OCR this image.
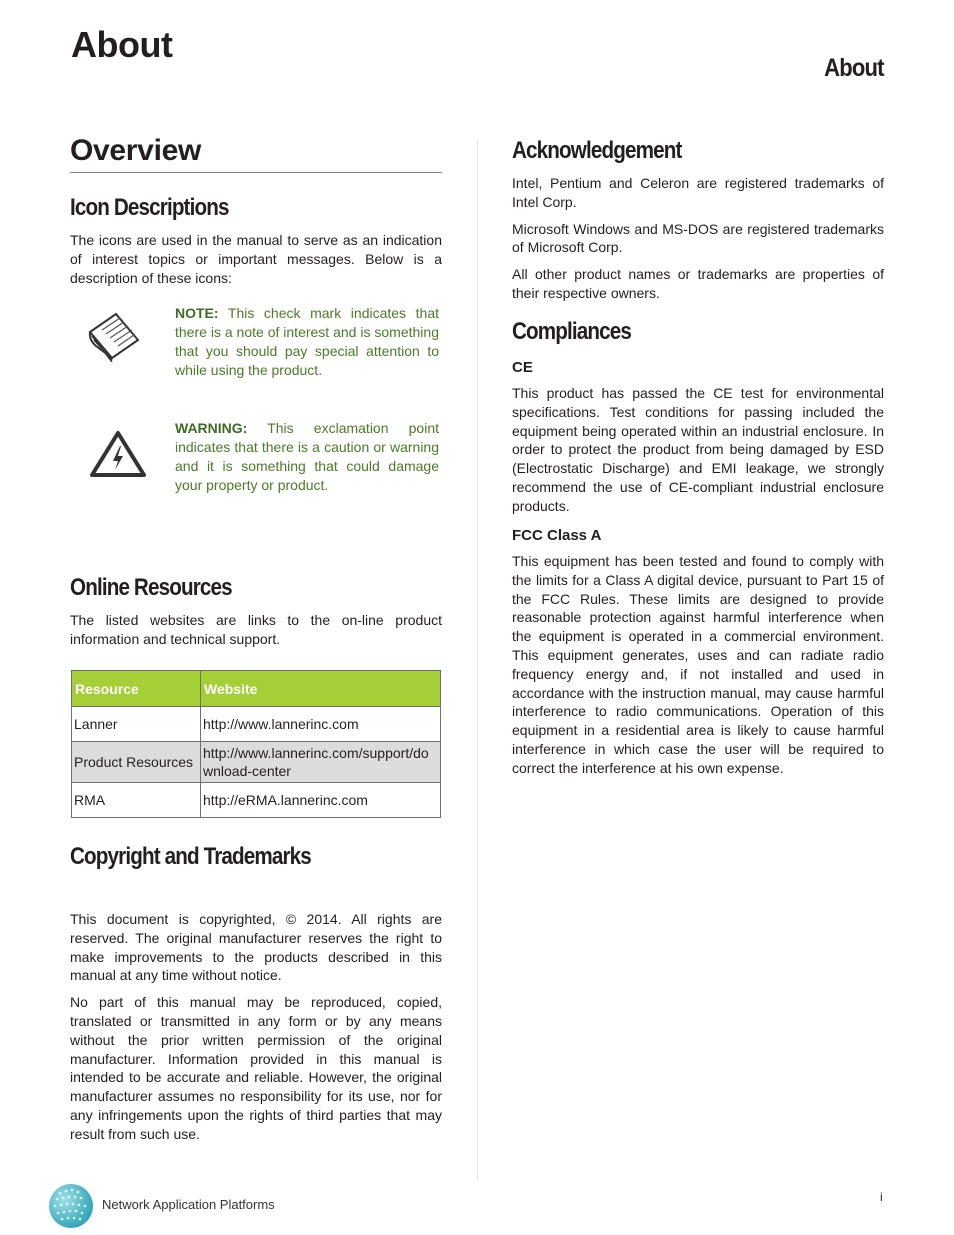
About
About
Overview
Icon Descriptions
The icons are used in the manual to serve as an indication of interest topics or important messages. Below is a description of these icons:
NOTE: This check mark indicates that there is a note of interest and is something that you should pay special attention to while using the product.
WARNING: This exclamation point indicates that there is a caution or warning and it is something that could damage your property or product.
Online Resources
The listed websites are links to the on-line product information and technical support.
Resource	Website
Lanner	http://www.lannerinc.com
Product Resources	http://www.lannerinc.com/support/download-center
RMA	http://eRMA.lannerinc.com
Copyright and Trademarks
This document is copyrighted, © 2014. All rights are reserved. The original manufacturer reserves the right to make improvements to the products described in this manual at any time without notice.
No part of this manual may be reproduced, copied, translated or transmitted in any form or by any means without the prior written permission of the original manufacturer. Information provided in this manual is intended to be accurate and reliable. However, the original manufacturer assumes no responsibility for its use, nor for any infringements upon the rights of third parties that may result from such use.
Acknowledgement
Intel, Pentium and Celeron are registered trademarks of Intel Corp.
Microsoft Windows and MS-DOS are registered trademarks of Microsoft Corp.
All other product names or trademarks are properties of their respective owners.
Compliances
CE
This product has passed the CE test for environmental specifications. Test conditions for passing included the equipment being operated within an industrial enclosure. In order to protect the product from being damaged by ESD (Electrostatic Discharge) and EMI leakage, we strongly recommend the use of CE-compliant industrial enclosure products.
FCC Class A
This equipment has been tested and found to comply with the limits for a Class A digital device, pursuant to Part 15 of the FCC Rules. These limits are designed to provide reasonable protection against harmful interference when the equipment is operated in a commercial environment. This equipment generates, uses and can radiate radio frequency energy and, if not installed and used in accordance with the instruction manual, may cause harmful interference to radio communications. Operation of this equipment in a residential area is likely to cause harmful interference in which case the user will be required to correct the interference at his own expense.
Network Application Platforms	i
